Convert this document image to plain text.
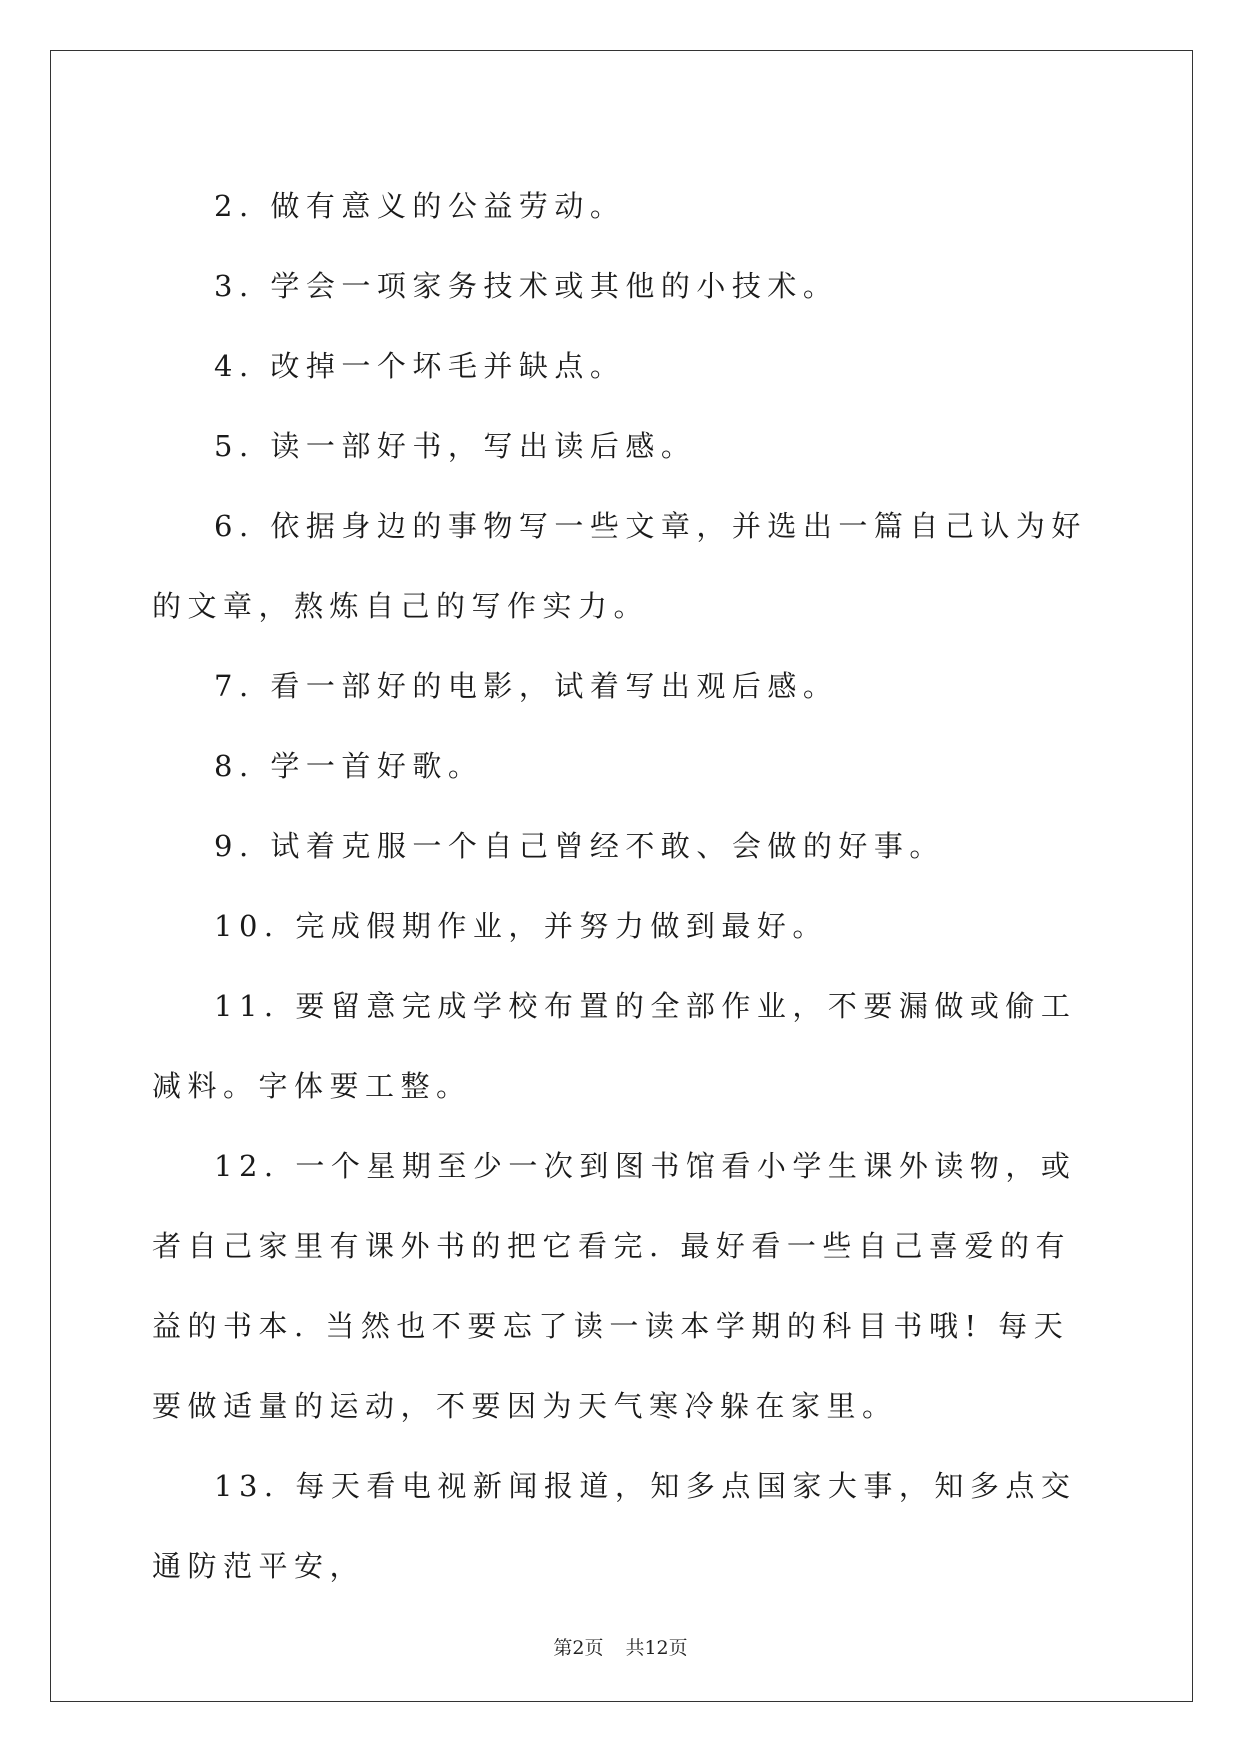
2. 做有意义的公益劳动。

3. 学会一项家务技术或其他的小技术。

4. 改掉一个坏毛并缺点。

5. 读一部好书，写出读后感。

6. 依据身边的事物写一些文章，并选出一篇自己认为好的文章，熬炼自己的写作实力。

7. 看一部好的电影，试着写出观后感。

8. 学一首好歌。

9. 试着克服一个自己曾经不敢、会做的好事。

10. 完成假期作业，并努力做到最好。

11. 要留意完成学校布置的全部作业，不要漏做或偷工减料。字体要工整。

12. 一个星期至少一次到图书馆看小学生课外读物，或者自己家里有课外书的把它看完. 最好看一些自己喜爱的有益的书本. 当然也不要忘了读一读本学期的科目书哦! 每天要做适量的运动，不要因为天气寒冷躲在家里。

13. 每天看电视新闻报道，知多点国家大事，知多点交通防范平安，

第2页 共12页
